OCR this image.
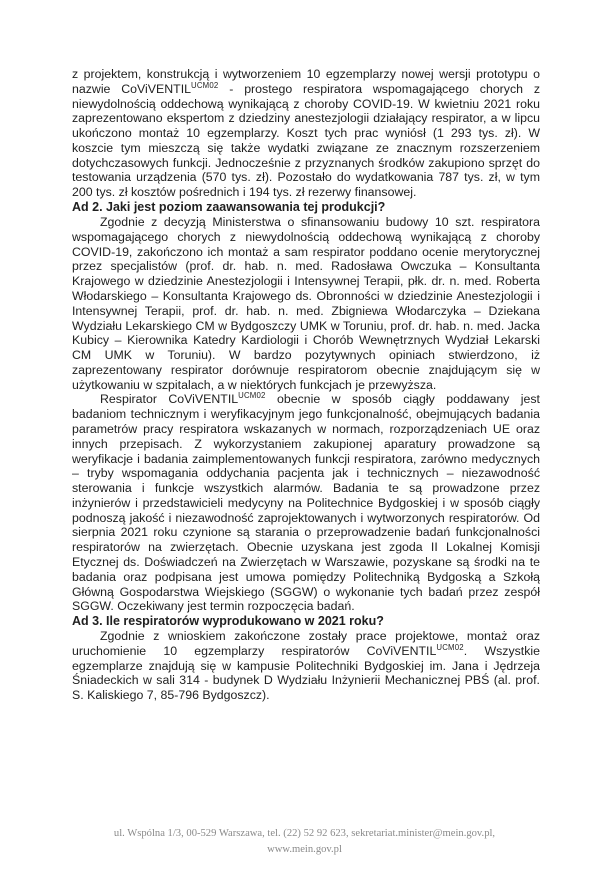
z projektem, konstrukcją i wytworzeniem 10 egzemplarzy nowej wersji prototypu o nazwie CoViVENTIL$^{UCM02}$ - prostego respiratora wspomagającego chorych z niewydolnością oddechową wynikającą z choroby COVID-19. W kwietniu 2021 roku zaprezentowano ekspertom z dziedziny anestezjologii działający respirator, a w lipcu ukończono montaż 10 egzemplarzy. Koszt tych prac wyniósł (1 293 tys. zł). W koszcie tym mieszczą się także wydatki związane ze znacznym rozszerzeniem dotychczasowych funkcji. Jednocześnie z przyznanych środków zakupiono sprzęt do testowania urządzenia (570 tys. zł). Pozostało do wydatkowania 787 tys. zł, w tym 200 tys. zł kosztów pośrednich i 194 tys. zł rezerwy finansowej.

Ad 2. Jaki jest poziom zaawansowania tej produkcji?

Zgodnie z decyzją Ministerstwa o sfinansowaniu budowy 10 szt. respiratora wspomagającego chorych z niewydolnością oddechową wynikającą z choroby COVID-19, zakończono ich montaż a sam respirator poddano ocenie merytorycznej przez specjalistów (prof. dr. hab. n. med. Radosława Owczuka – Konsultanta Krajowego w dziedzinie Anestezjologii i Intensywnej Terapii, płk. dr. n. med. Roberta Włodarskiego – Konsultanta Krajowego ds. Obronności w dziedzinie Anestezjologii i Intensywnej Terapii, prof. dr. hab. n. med. Zbigniewa Włodarczyka – Dziekana Wydziału Lekarskiego CM w Bydgoszczy UMK w Toruniu, prof. dr. hab. n. med. Jacka Kubicy – Kierownika Katedry Kardiologii i Chorób Wewnętrznych Wydział Lekarski CM UMK w Toruniu). W bardzo pozytywnych opiniach stwierdzono, iż zaprezentowany respirator dorównuje respiratorom obecnie znajdującym się w użytkowaniu w szpitalach, a w niektórych funkcjach je przewyższa.

Respirator CoViVENTIL$^{UCM02}$ obecnie w sposób ciągły poddawany jest badaniom technicznym i weryfikacyjnym jego funkcjonalność, obejmujących badania parametrów pracy respiratora wskazanych w normach, rozporządzeniach UE oraz innych przepisach. Z wykorzystaniem zakupionej aparatury prowadzone są weryfikacje i badania zaimplementowanych funkcji respiratora, zarówno medycznych – tryby wspomagania oddychania pacjenta jak i technicznych – niezawodność sterowania i funkcje wszystkich alarmów. Badania te są prowadzone przez inżynierów i przedstawicieli medycyny na Politechnice Bydgoskiej i w sposób ciągły podnoszą jakość i niezawodność zaprojektowanych i wytworzonych respiratorów. Od sierpnia 2021 roku czynione są starania o przeprowadzenie badań funkcjonalności respiratorów na zwierzętach. Obecnie uzyskana jest zgoda II Lokalnej Komisji Etycznej ds. Doświadczeń na Zwierzętach w Warszawie, pozyskane są środki na te badania oraz podpisana jest umowa pomiędzy Politechniką Bydgoską a Szkołą Główną Gospodarstwa Wiejskiego (SGGW) o wykonanie tych badań przez zespół SGGW. Oczekiwany jest termin rozpoczęcia badań.

Ad 3. Ile respiratorów wyprodukowano w 2021 roku?

Zgodnie z wnioskiem zakończone zostały prace projektowe, montaż oraz uruchomienie 10 egzemplarzy respiratorów CoViVENTIL$^{UCM02}$. Wszystkie egzemplarze znajdują się w kampusie Politechniki Bydgoskiej im. Jana i Jędrzeja Śniadeckich w sali 314 - budynek D Wydziału Inżynierii Mechanicznej PBŚ (al. prof. S. Kaliskiego 7, 85-796 Bydgoszcz).

ul. Wspólna 1/3, 00-529 Warszawa, tel. (22) 52 92 623, sekretariat.minister@mein.gov.pl,

www.mein.gov.pl
